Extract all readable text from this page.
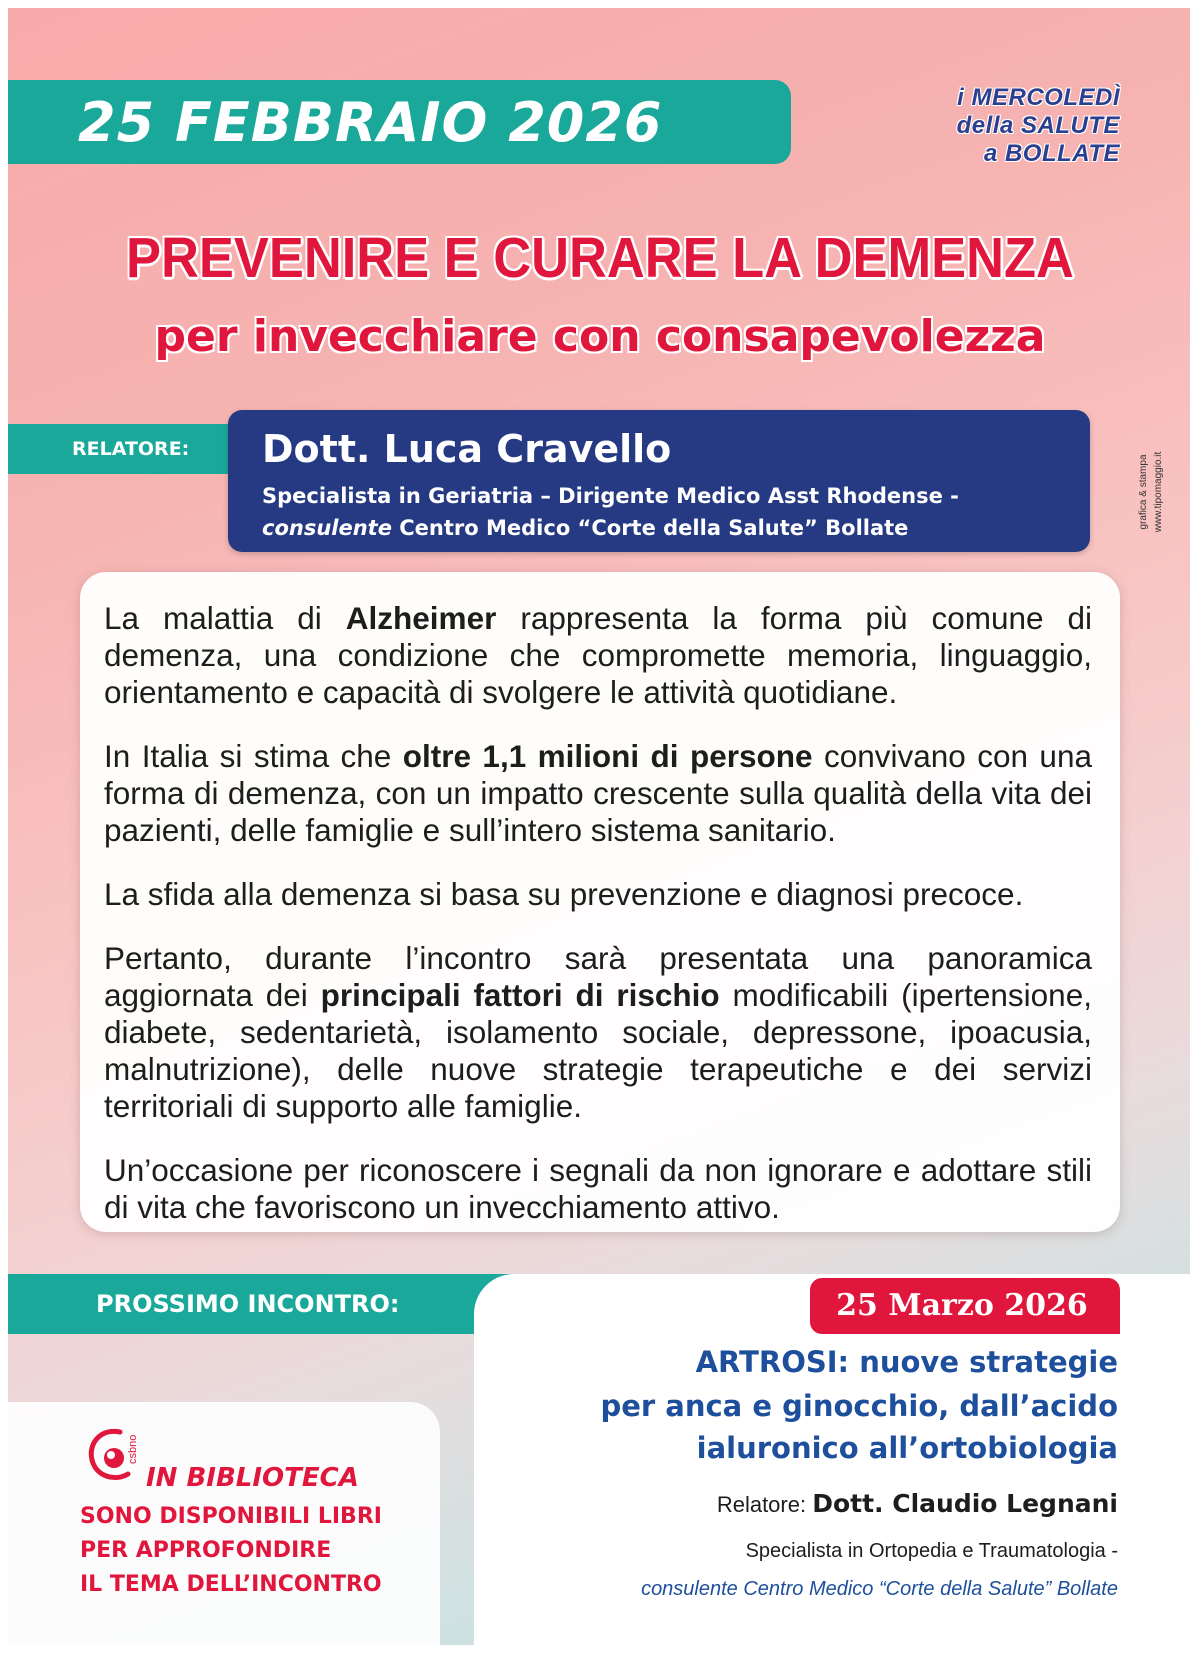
25 FEBBRAIO 2026	i MERCOLEDÌ
della SALUTE
a BOLLATE
PREVENIRE E CURARE LA DEMENZA
per invecchiare con consapevolezza
RELATORE:	Dott. Luca Cravello
Specialista in Geriatria – Dirigente Medico Asst Rhodense -
consulente Centro Medico “Corte della Salute” Bollate	grafica & stampa www.tipomaggio.it

La malattia di Alzheimer rappresenta la forma più comune di demenza, una condizione che compromette memoria, linguaggio, orientamento e capacità di svolgere le attività quotidiane.

In Italia si stima che oltre 1,1 milioni di persone convivano con una forma di demenza, con un impatto crescente sulla qualità della vita dei pazienti, delle famiglie e sull’intero sistema sanitario.

La sfida alla demenza si basa su prevenzione e diagnosi precoce.

Pertanto, durante l’incontro sarà presentata una panoramica aggiornata dei principali fattori di rischio modificabili (ipertensione, diabete, sedentarietà, isolamento sociale, depressone, ipoacusia, malnutrizione), delle nuove strategie terapeutiche e dei servizi territoriali di supporto alle famiglie.

Un’occasione per riconoscere i segnali da non ignorare e adottare stili di vita che favoriscono un invecchiamento attivo.

PROSSIMO INCONTRO:	25 Marzo 2026
ARTROSI: nuove strategie
per anca e ginocchio, dall’acido
ialuronico all’ortobiologia
Relatore: Dott. Claudio Legnani
Specialista in Ortopedia e Traumatologia -
consulente Centro Medico “Corte della Salute” Bollate
csbno
IN BIBLIOTECA
SONO DISPONIBILI LIBRI
PER APPROFONDIRE
IL TEMA DELL’INCONTRO
